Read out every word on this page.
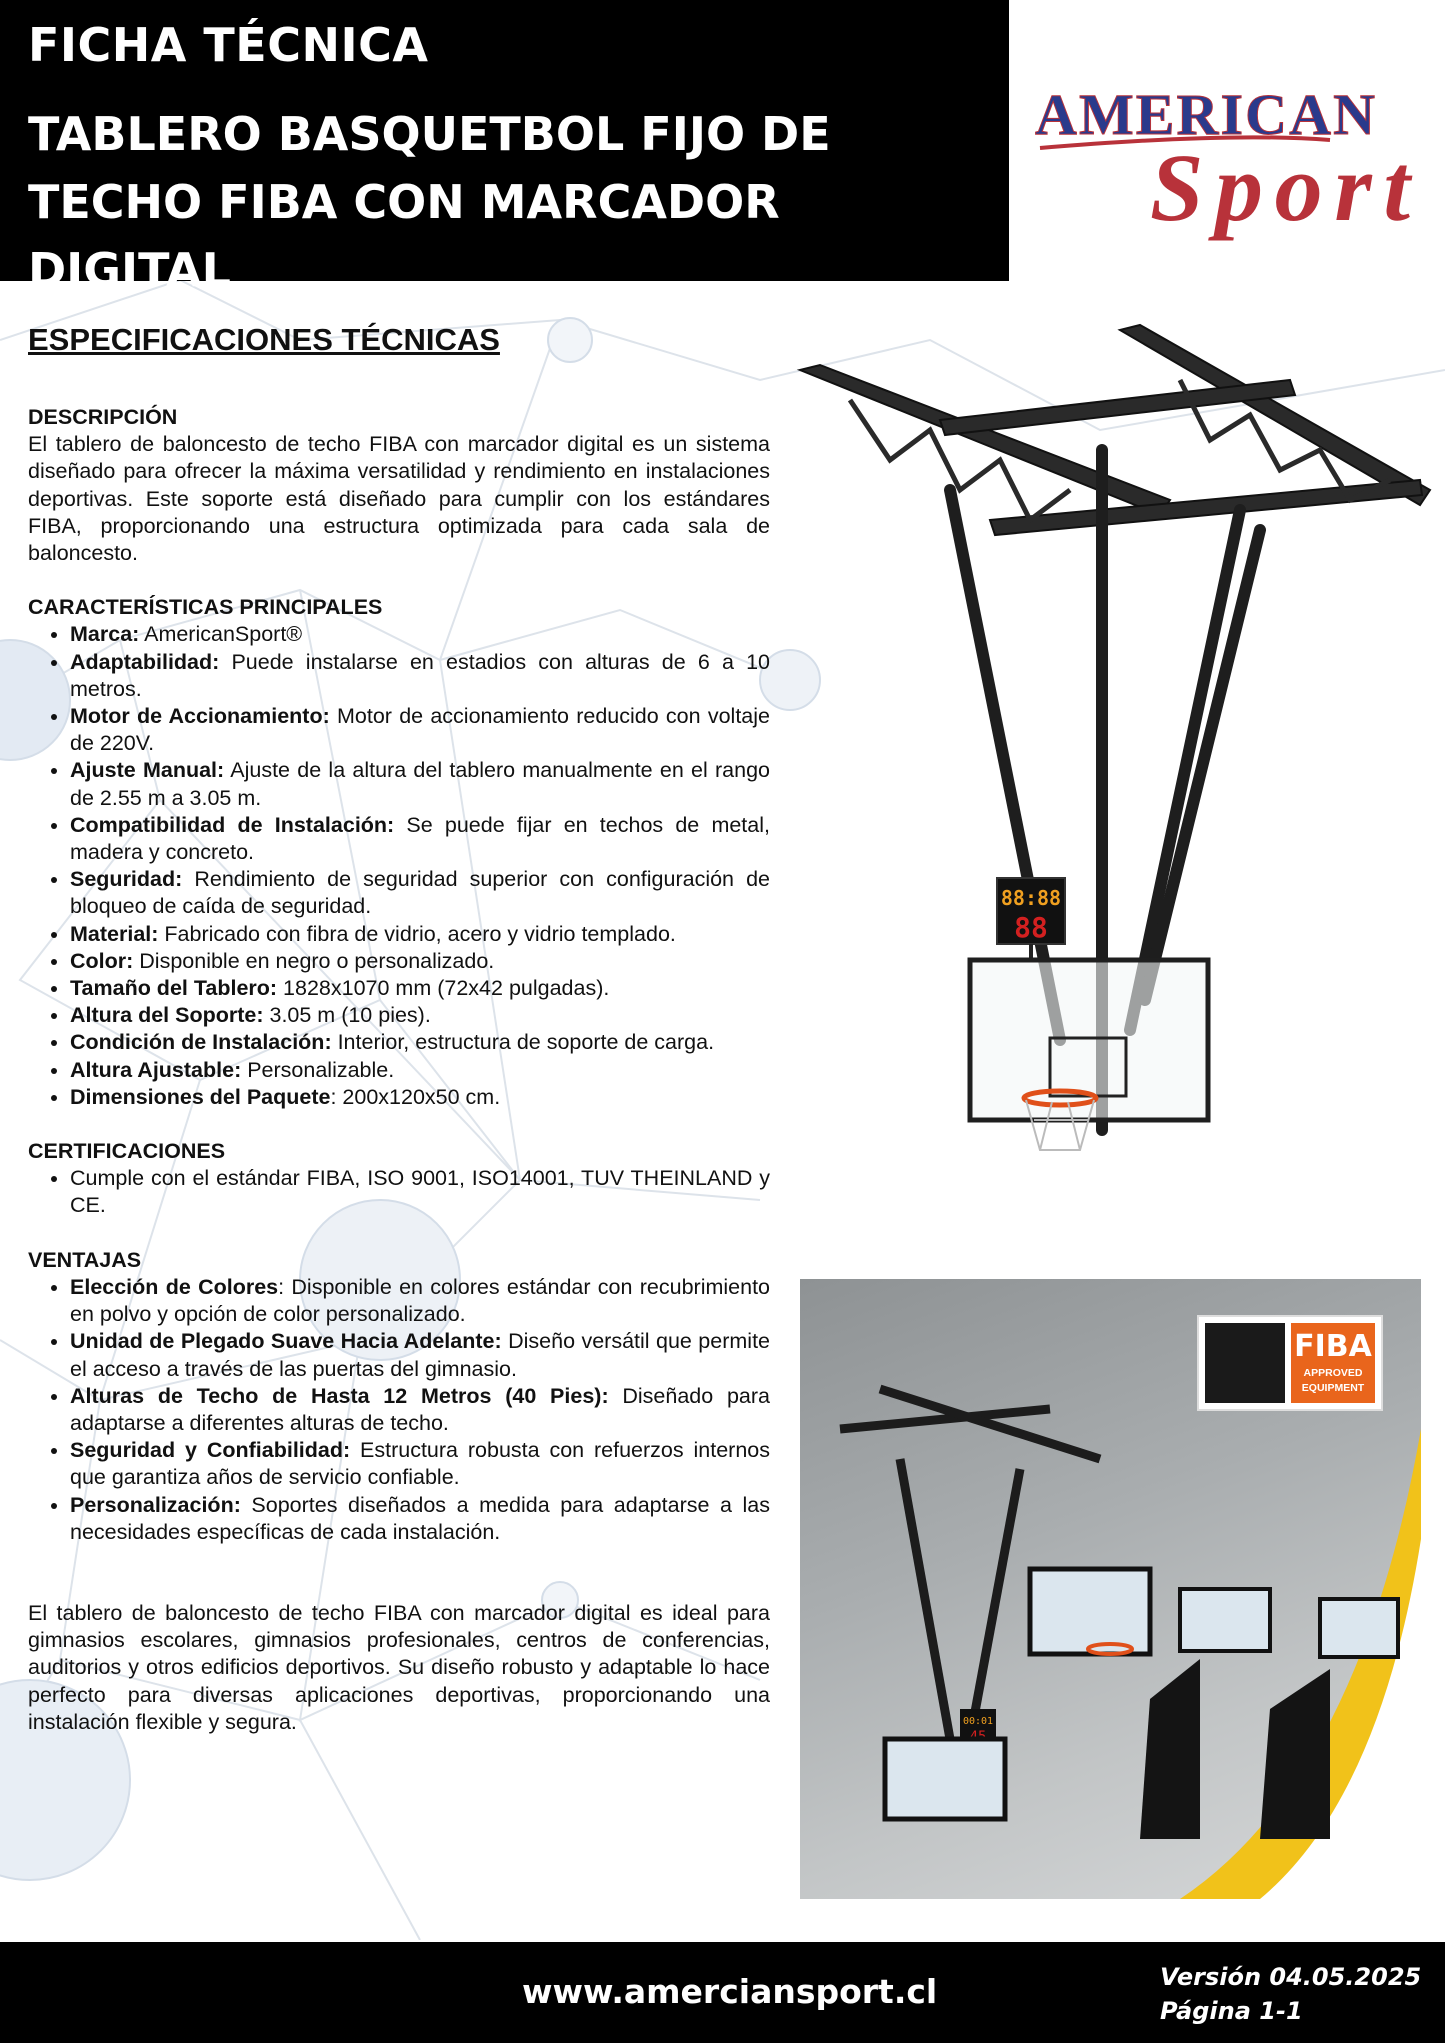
FICHA TÉCNICA
TABLERO BASQUETBOL FIJO DE TECHO FIBA CON MARCADOR DIGITAL
AMERICAN
Sport
ESPECIFICACIONES TÉCNICAS
DESCRIPCIÓN

El tablero de baloncesto de techo FIBA con marcador digital es un sistema diseñado para ofrecer la máxima versatilidad y rendimiento en instalaciones deportivas. Este soporte está diseñado para cumplir con los estándares FIBA, proporcionando una estructura optimizada para cada sala de baloncesto.

CARACTERÍSTICAS PRINCIPALES
• Marca: AmericanSport®
• Adaptabilidad: Puede instalarse en estadios con alturas de 6 a 10 metros.
• Motor de Accionamiento: Motor de accionamiento reducido con voltaje de 220V.
• Ajuste Manual: Ajuste de la altura del tablero manualmente en el rango de 2.55 m a 3.05 m.
• Compatibilidad de Instalación: Se puede fijar en techos de metal, madera y concreto.
• Seguridad: Rendimiento de seguridad superior con configuración de bloqueo de caída de seguridad.
• Material: Fabricado con fibra de vidrio, acero y vidrio templado.
• Color: Disponible en negro o personalizado.
• Tamaño del Tablero: 1828x1070 mm (72x42 pulgadas).
• Altura del Soporte: 3.05 m (10 pies).
• Condición de Instalación: Interior, estructura de soporte de carga.
• Altura Ajustable: Personalizable.
• Dimensiones del Paquete: 200x120x50 cm.
CERTIFICACIONES
• Cumple con el estándar FIBA, ISO 9001, ISO14001, TUV THEINLAND y CE.
VENTAJAS
• Elección de Colores: Disponible en colores estándar con recubrimiento en polvo y opción de color personalizado.
• Unidad de Plegado Suave Hacia Adelante: Diseño versátil que permite el acceso a través de las puertas del gimnasio.
• Alturas de Techo de Hasta 12 Metros (40 Pies): Diseñado para adaptarse a diferentes alturas de techo.
• Seguridad y Confiabilidad: Estructura robusta con refuerzos internos que garantiza años de servicio confiable.
• Personalización: Soportes diseñados a medida para adaptarse a las necesidades específicas de cada instalación.

El tablero de baloncesto de techo FIBA con marcador digital es ideal para gimnasios escolares, gimnasios profesionales, centros de conferencias, auditorios y otros edificios deportivos. Su diseño robusto y adaptable lo hace perfecto para diversas aplicaciones deportivas, proporcionando una instalación flexible y segura.

88:88
88
00:01
FIBA
APPROVED
EQUIPMENT
www.amerciansport.cl	Versión 04.05.2025
Página 1-1
